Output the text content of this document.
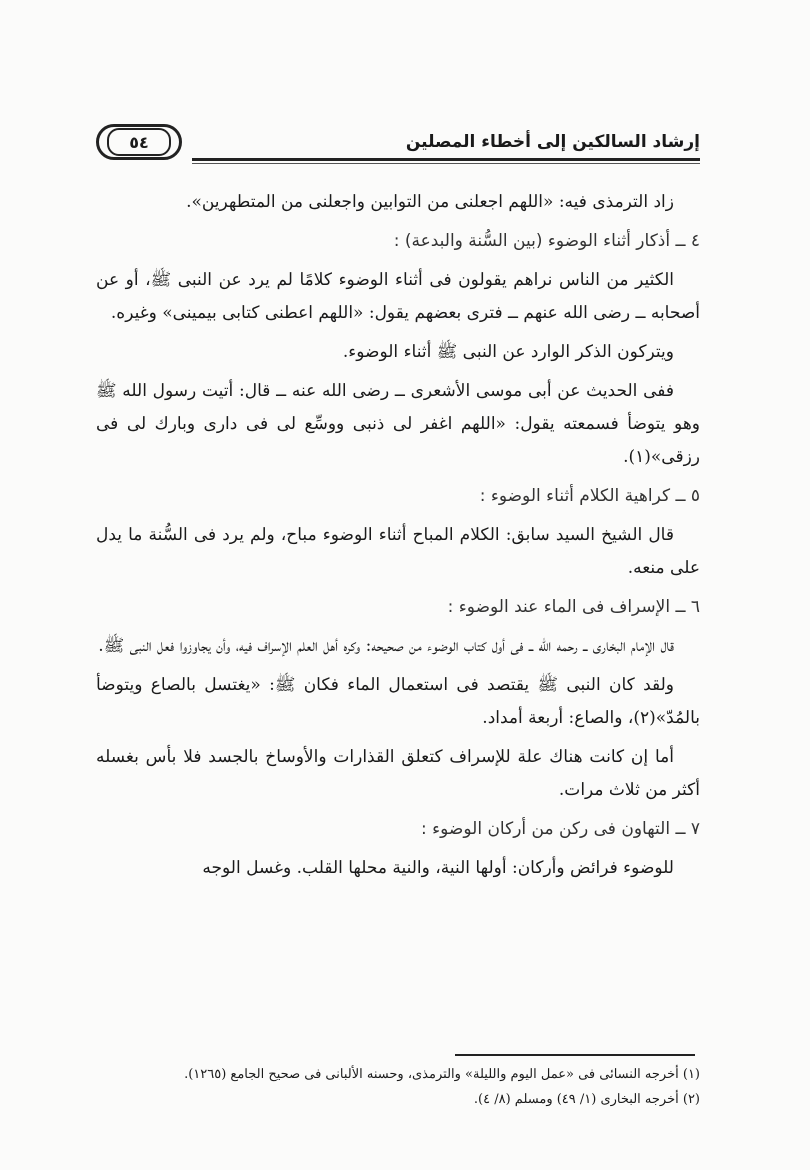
٥٤	إرشاد السالكين إلى أخطاء المصلين

زاد الترمذى فيه: «اللهم اجعلنى من التوابين واجعلنى من المتطهرين».

٤ ــ أذكار أثناء الوضوء (بين السُّنة والبدعة) :

الكثير من الناس نراهم يقولون فى أثناء الوضوء كلامًا لم يرد عن النبى ﷺ، أو عن أصحابه ــ رضى الله عنهم ــ فترى بعضهم يقول: «اللهم اعطنى كتابى بيمينى» وغيره.

ويتركون الذكر الوارد عن النبى ﷺ أثناء الوضوء.

ففى الحديث عن أبى موسى الأشعرى ــ رضى الله عنه ــ قال: أتيت رسول الله ﷺ وهو يتوضأ فسمعته يقول: «اللهم اغفر لى ذنبى ووسِّع لى فى دارى وبارك لى فى رزقى»(١).

٥ ــ كراهية الكلام أثناء الوضوء :

قال الشيخ السيد سابق: الكلام المباح أثناء الوضوء مباح، ولم يرد فى السُّنة ما يدل على منعه.

٦ ــ الإسراف فى الماء عند الوضوء :

قال الإمام البخارى ــ رحمه الله ــ فى أول كتاب الوضوء من صحيحه: وكره أهل العلم الإسراف فيه، وأن يجاوزوا فعل النبى ﷺ.

ولقد كان النبى ﷺ يقتصد فى استعمال الماء فكان ﷺ: «يغتسل بالصاع ويتوضأ بالمُدّ»(٢)، والصاع: أربعة أمداد.

أما إن كانت هناك علة للإسراف كتعلق القذارات والأوساخ بالجسد فلا بأس بغسله أكثر من ثلاث مرات.

٧ ــ التهاون فى ركن من أركان الوضوء :

للوضوء فرائض وأركان: أولها النية، والنية محلها القلب. وغسل الوجه

(١) أخرجه النسائى فى «عمل اليوم والليلة» والترمذى، وحسنه الألبانى فى صحيح الجامع (١٢٦٥).
(٢) أخرجه البخارى (١/ ٤٩) ومسلم (٨/ ٤).
